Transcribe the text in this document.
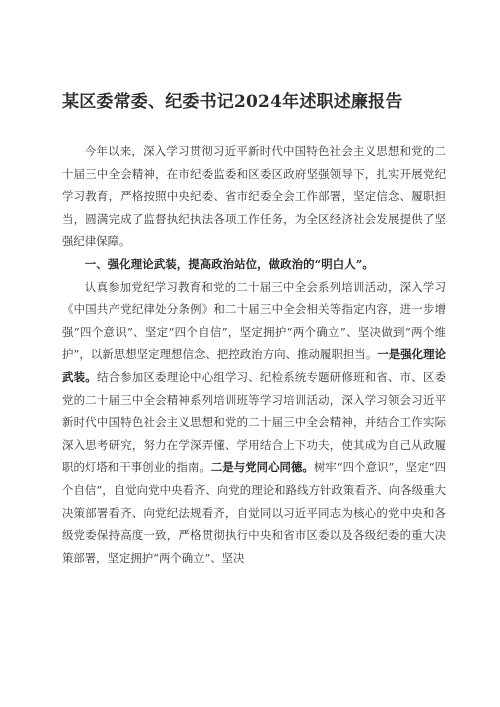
某区委常委、纪委书记2024年述职述廉报告

今年以来，深入学习贯彻习近平新时代中国特色社会主义思想和党的二十届三中全会精神，在市纪委监委和区委区政府坚强领导下，扎实开展党纪学习教育，严格按照中央纪委、省市纪委全会工作部署，坚定信念、履职担当，圆满完成了监督执纪执法各项工作任务，为全区经济社会发展提供了坚强纪律保障。

一、强化理论武装，提高政治站位，做政治的“明白人”。

认真参加党纪学习教育和党的二十届三中全会系列培训活动，深入学习《中国共产党纪律处分条例》和二十届三中全会相关等指定内容，进一步增强“四个意识”、坚定“四个自信”，坚定拥护“两个确立”、坚决做到“两个维护”，以新思想坚定理想信念、把控政治方向、推动履职担当。一是强化理论武装。结合参加区委理论中心组学习、纪检系统专题研修班和省、市、区委党的二十届三中全会精神系列培训班等学习培训活动，深入学习领会习近平新时代中国特色社会主义思想和党的二十届三中全会精神，并结合工作实际深入思考研究，努力在学深弄懂、学用结合上下功夫，使其成为自己从政履职的灯塔和干事创业的指南。二是与党同心同德。树牢“四个意识”，坚定“四个自信”，自觉向党中央看齐、向党的理论和路线方针政策看齐、向各级重大决策部署看齐、向党纪法规看齐，自觉同以习近平同志为核心的党中央和各级党委保持高度一致，严格贯彻执行中央和省市区委以及各级纪委的重大决策部署，坚定拥护“两个确立”、坚决
